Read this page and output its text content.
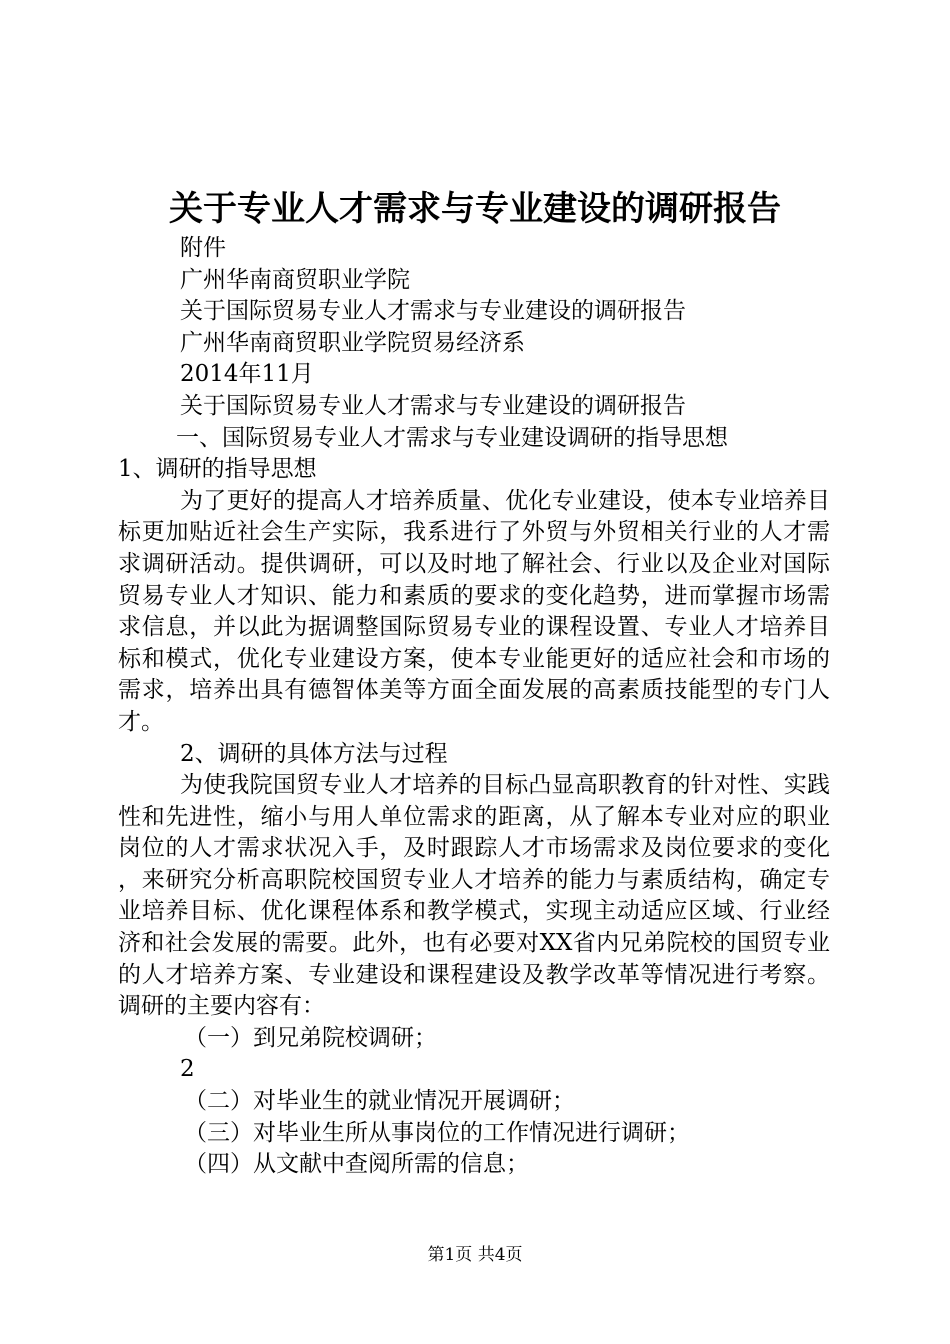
关于专业人才需求与专业建设的调研报告
附件
广州华南商贸职业学院
关于国际贸易专业人才需求与专业建设的调研报告
广州华南商贸职业学院贸易经济系
2014年11月
关于国际贸易专业人才需求与专业建设的调研报告
一、国际贸易专业人才需求与专业建设调研的指导思想
1、调研的指导思想
为了更好的提高人才培养质量、优化专业建设，使本专业培养目标更加贴近社会生产实际，我系进行了外贸与外贸相关行业的人才需求调研活动。提供调研，可以及时地了解社会、行业以及企业对国际贸易专业人才知识、能力和素质的要求的变化趋势，进而掌握市场需求信息，并以此为据调整国际贸易专业的课程设置、专业人才培养目标和模式，优化专业建设方案，使本专业能更好的适应社会和市场的需求，培养出具有德智体美等方面全面发展的高素质技能型的专门人才。
2、调研的具体方法与过程
为使我院国贸专业人才培养的目标凸显高职教育的针对性、实践性和先进性，缩小与用人单位需求的距离，从了解本专业对应的职业岗位的人才需求状况入手，及时跟踪人才市场需求及岗位要求的变化，来研究分析高职院校国贸专业人才培养的能力与素质结构，确定专业培养目标、优化课程体系和教学模式，实现主动适应区域、行业经济和社会发展的需要。此外，也有必要对XX省内兄弟院校的国贸专业的人才培养方案、专业建设和课程建设及教学改革等情况进行考察。调研的主要内容有：
（一）到兄弟院校调研；
2
（二）对毕业生的就业情况开展调研；
（三）对毕业生所从事岗位的工作情况进行调研；
（四）从文献中查阅所需的信息；
第1页 共4页
